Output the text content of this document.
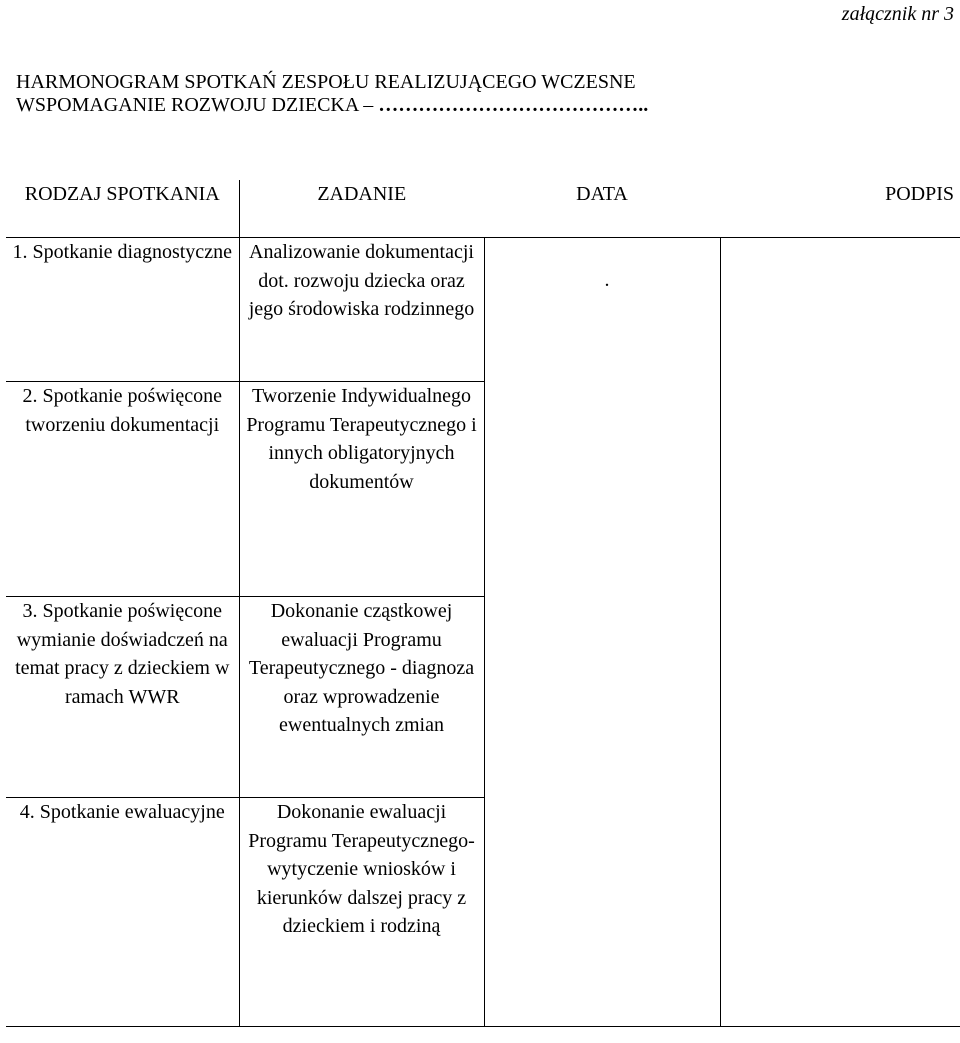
załącznik nr 3
HARMONOGRAM SPOTKAŃ ZESPOŁU REALIZUJĄCEGO WCZESNE
WSPOMAGANIE ROZWOJU DZIECKA – …………………………………..
RODZAJ SPOTKANIA	ZADANIE	DATA	PODPIS
1. Spotkanie diagnostyczne	Analizowanie dokumentacji dot. rozwoju dziecka oraz jego środowiska rodzinnego	.	

2. Spotkanie poświęcone tworzeniu dokumentacji	Tworzenie Indywidualnego Programu Terapeutycznego i innych obligatoryjnych dokumentów		
3. Spotkanie poświęcone wymianie doświadczeń na temat pracy z dzieckiem w ramach WWR	Dokonanie cząstkowej ewaluacji Programu Terapeutycznego - diagnoza oraz wprowadzenie ewentualnych zmian		
4. Spotkanie ewaluacyjne	Dokonanie ewaluacji Programu Terapeutycznego- wytyczenie wniosków i kierunków dalszej pracy z dzieckiem i rodziną		
